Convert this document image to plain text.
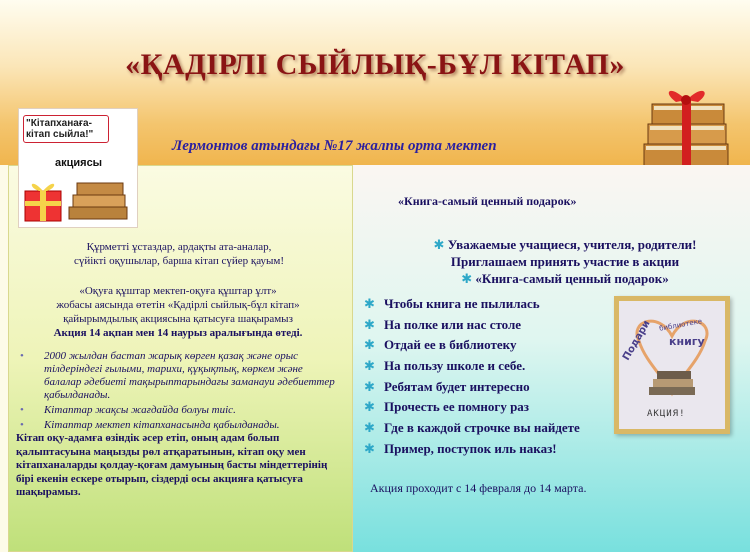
«ҚАДІРЛІ СЫЙЛЫҚ-БҰЛ КІТАП»
Лермонтов атындағы №17 жалпы орта мектеп
"Кітапханаға-кітап сыйла!"
акциясы
Құрметті ұстаздар, ардақты ата-аналар,
сүйікті оқушылар, барша кітап сүйер қауым!
«Оқуға құштар мектеп-оқуға құштар ұлт»
жобасы аясында өтетін «Қадірлі сыйлық-бұл кітап»
қайырымдылық акциясына қатысуға шақырамыз
Акция 14 ақпан мен 14 наурыз аралығында өтеді.
• 2000 жылдан бастап жарық көрген қазақ және орыс тілдеріндегі ғылыми, тарихи, құқықтық, көркем және балалар әдебиеті тақырыптарындағы заманауи әдебиеттер қабылданады.
• Кітаптар жақсы жағдайда болуы тиіс.
• Кітаптар мектеп кітапханасында қабылданады.
Кітап оқу-адамға өзіндік әсер етіп, оның адам болып қалыптасуына маңызды рөл атқаратынын, кітап оқу мен кітапханаларды қолдау-қоғам дамуының басты міндеттерінің бірі екенін ескере отырып, сіздерді осы акцияға қатысуға шақырамыз.
«Книга-самый ценный подарок»
✱ Уважаемые учащиеся, учителя, родители!
Приглашаем принять участие в акции
✱ «Книга-самый ценный подарок»
✱ Чтобы книга не пылилась
✱ На полке или нас столе
✱ Отдай ее в библиотеку
✱ На пользу школе и себе.
✱ Ребятам будет интересно
✱ Прочесть ее помногу раз
✱ Где в каждой строчке вы найдете
✱ Пример, поступок иль наказ!
Подари библиотеке
книгу
АКЦИЯ!
Акция проходит с 14 февраля до 14 марта.
